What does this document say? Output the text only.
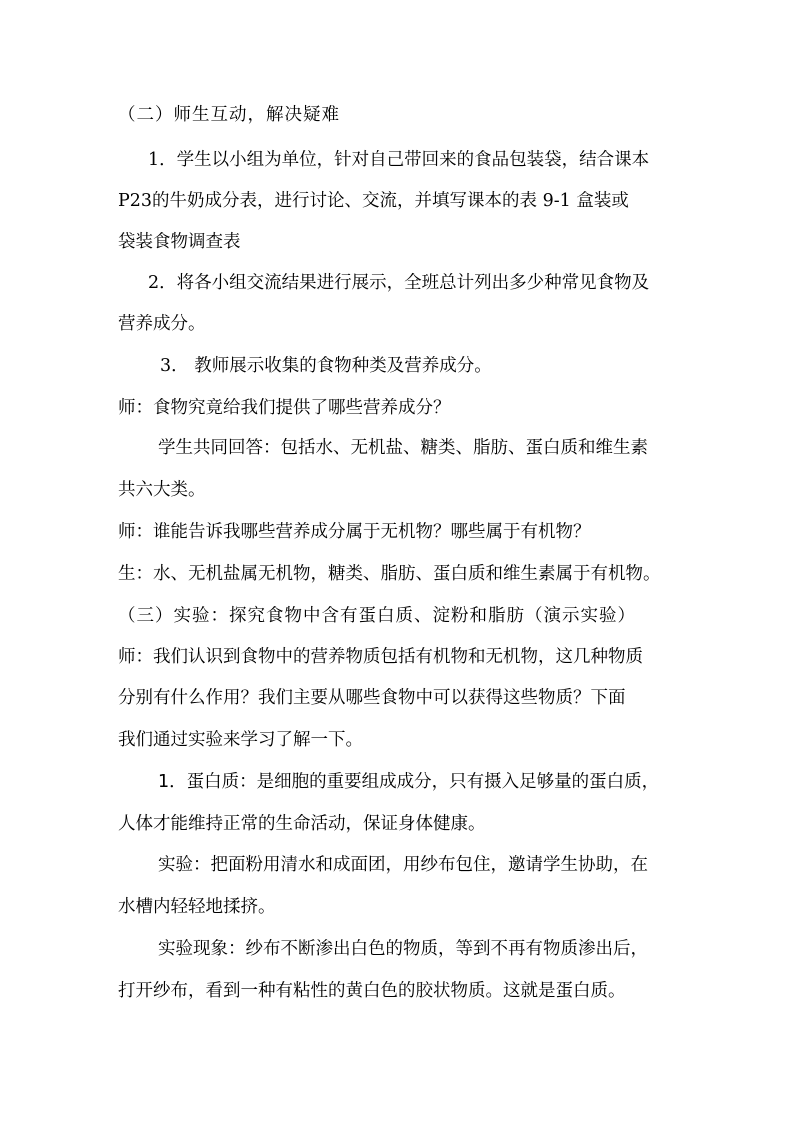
（二）师生互动，解决疑难
1．学生以小组为单位，针对自己带回来的食品包装袋，结合课本
P23的牛奶成分表，进行讨论、交流，并填写课本的表 9-1 盒装或
袋装食物调查表
2．将各小组交流结果进行展示，全班总计列出多少种常见食物及
营养成分。
3． 教师展示收集的食物种类及营养成分。
师：食物究竟给我们提供了哪些营养成分？
学生共同回答：包括水、无机盐、糖类、脂肪、蛋白质和维生素
共六大类。
师：谁能告诉我哪些营养成分属于无机物？哪些属于有机物？
生：水、无机盐属无机物，糖类、脂肪、蛋白质和维生素属于有机物。
（三）实验：探究食物中含有蛋白质、淀粉和脂肪（演示实验）
师：我们认识到食物中的营养物质包括有机物和无机物，这几种物质
分别有什么作用？我们主要从哪些食物中可以获得这些物质？下面
我们通过实验来学习了解一下。
1．蛋白质：是细胞的重要组成成分，只有摄入足够量的蛋白质，
人体才能维持正常的生命活动，保证身体健康。
实验：把面粉用清水和成面团，用纱布包住，邀请学生协助，在
水槽内轻轻地揉挤。
实验现象：纱布不断渗出白色的物质，等到不再有物质渗出后，
打开纱布，看到一种有粘性的黄白色的胶状物质。这就是蛋白质。
